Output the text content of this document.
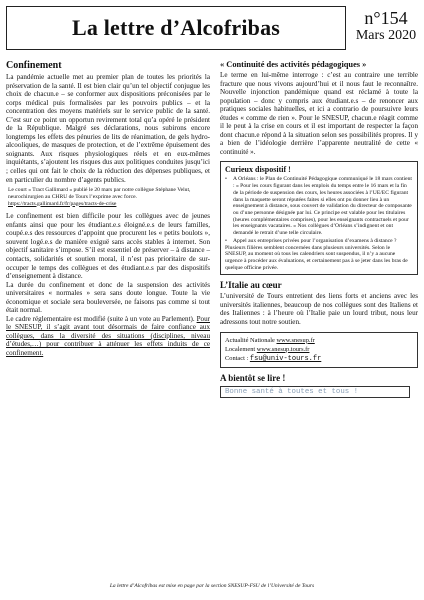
La lettre d’Alcofribas	n°154
Mars 2020
Confinement

La pandémie actuelle met au premier plan de toutes les priorités la préservation de la santé. Il est bien clair qu’un tel objectif conjugue les choix de chacun.e – se conformer aux dispositions préconisées par le corps médical puis formalisées par les pouvoirs publics – et la concentration des moyens matériels sur le service public de la santé. C’est sur ce point un opportun revirement total qu’a opéré le président de la République. Malgré ses déclarations, nous subirons encore longtemps les effets des pénuries de lits de réanimation, de gels hydro-alcooliques, de masques de protection, et de l’extrême épuisement des soignants. Aux risques physiologiques réels et en eux-mêmes inquiétants, s’ajoutent les risques dus aux politiques conduites jusqu’ici ; celles qui ont fait le choix de la réduction des dépenses publiques, et en particulier du nombre d’agents publics.

Le court « Tract Gallimard » publié le 20 mars par notre collègue Stéphane Velut, neurochirurgien au CHRU de Tours l’exprime avec force.
https://tracts.gallimard.fr/fr/pages/tracts-de-crise

Le confinement est bien difficile pour les collègues avec de jeunes enfants ainsi que pour les étudiant.e.s éloigné.e.s de leurs familles, coupé.e.s des ressources d’appoint que procurent les « petits boulots », souvent logé.e.s de manière exiguë sans accès stables à internet. Son objectif sanitaire s’impose. S’il est essentiel de préserver – à distance – contacts, solidarités et soutien moral, il n’est pas prioritaire de sur-occuper le temps des collègues et des étudiant.e.s par des dispositifs d’enseignement à distance.

La durée du confinement et donc de la suspension des activités universitaires « normales » sera sans doute longue. Toute la vie économique et sociale sera bouleversée, ne faisons pas comme si tout était normal.

Le cadre réglementaire est modifié (suite à un vote au Parlement). Pour le SNESUP, il s’agit avant tout désormais de faire confiance aux collègues, dans la diversité des situations (disciplines, niveau d’études,…) pour contribuer à atténuer les effets induits de ce confinement.

« Continuité des activités pédagogiques »

Le terme en lui-même interroge : c’est au contraire une terrible fracture que nous vivons aujourd’hui et il nous faut le reconnaître. Nouvelle injonction pandémique quand est réclamé à toute la population – donc y compris aux étudiant.e.s – de renoncer aux pratiques sociales habituelles, et ici a contrario de poursuivre leurs études « comme de rien ». Pour le SNESUP, chacun.e réagit comme il le peut à la crise en cours et il est important de respecter la façon dont chacun.e répond à la situation selon ses possibilités propres. Il y a bien de l’idéologie derrière l’apparente neutralité de cette « continuité ».

Curieux dispositif !
•	A Orléans : le Plan de Continuité Pédagogique communiqué le 18 mars contient : « Pour les cours figurant dans les emplois du temps entre le 16 mars et la fin de la période de suspension des cours, les heures associées à l’UE/EC figurant dans la maquette seront réputées faites si elles ont pu donner lieu à un enseignement à distance, sous couvert de validation du directeur de composante ou d’une personne désignée par lui. Ce principe est valable pour les titulaires (heures complémentaires comprises), pour les enseignants contractuels et pour les enseignants vacataires. » Nos collègues d’Orléans s’indignent et ont demandé le retrait d’une telle circulaire.
•	Appel aux entreprises privées pour l’organisation d’examens à distance ?

Plusieurs filières semblent concernées dans plusieurs universités. Selon le SNESUP, au moment où tous les calendriers sont suspendus, il n’y a aucune urgence à procéder aux évaluations, et certainement pas à se jeter dans les bras de quelque officine privée.

L’Italie au cœur

L’université de Tours entretient des liens forts et anciens avec les universités italiennes, beaucoup de nos collègues sont des Italiens et des Italiennes : à l’heure où l’Italie paie un lourd tribut, nous leur adressons tout notre soutien.

Actualité Nationale www.snesup.fr
Localement www.snesup.tours.fr
Contact : fsu@univ-tours.fr
A bientôt se lire !
Bonne santé à toutes et tous !
La lettre d’Alcofribas est mise en page par la section SNESUP-FSU de l’Université de Tours
